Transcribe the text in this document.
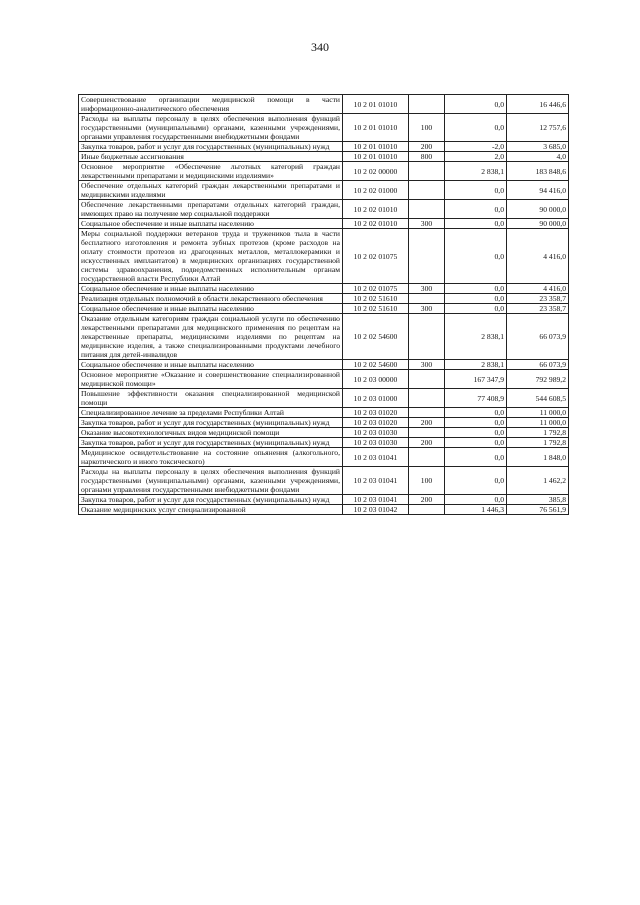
340
Совершенствование организации медицинской помощи в части информационно-аналитического обеспечения	10 2 01 01010		0,0	16 446,6
Расходы на выплаты персоналу в целях обеспечения выполнения функций государственными (муниципальными) органами, казенными учреждениями, органами управления государственными внебюджетными фондами	10 2 01 01010	100	0,0	12 757,6
Закупка товаров, работ и услуг для государственных (муниципальных) нужд	10 2 01 01010	200	-2,0	3 685,0
Иные бюджетные ассигнования	10 2 01 01010	800	2,0	4,0
Основное мероприятие «Обеспечение льготных категорий граждан лекарственными препаратами и медицинскими изделиями»	10 2 02 00000		2 838,1	183 848,6
Обеспечение отдельных категорий граждан лекарственными препаратами и медицинскими изделиями	10 2 02 01000		0,0	94 416,0
Обеспечение лекарственными препаратами отдельных категорий граждан, имеющих право на получение мер социальной поддержки	10 2 02 01010		0,0	90 000,0
Социальное обеспечение и иные выплаты населению	10 2 02 01010	300	0,0	90 000,0
Меры социальной поддержки ветеранов труда и тружеников тыла в части бесплатного изготовления и ремонта зубных протезов (кроме расходов на оплату стоимости протезов из драгоценных металлов, металлокерамики и искусственных имплантатов) в медицинских организациях государственной системы здравоохранения, подведомственных исполнительным органам государственной власти Республики Алтай	10 2 02 01075		0,0	4 416,0
Социальное обеспечение и иные выплаты населению	10 2 02 01075	300	0,0	4 416,0
Реализация отдельных полномочий в области лекарственного обеспечения	10 2 02 51610		0,0	23 358,7
Социальное обеспечение и иные выплаты населению	10 2 02 51610	300	0,0	23 358,7
Оказание отдельным категориям граждан социальной услуги по обеспечению лекарственными препаратами для медицинского применения по рецептам на лекарственные препараты, медицинскими изделиями по рецептам на медицинские изделия, а также специализированными продуктами лечебного питания для детей-инвалидов	10 2 02 54600		2 838,1	66 073,9
Социальное обеспечение и иные выплаты населению	10 2 02 54600	300	2 838,1	66 073,9
Основное мероприятие «Оказание и совершенствование специализированной медицинской помощи»	10 2 03 00000		167 347,9	792 989,2
Повышение эффективности оказания специализированной медицинской помощи	10 2 03 01000		77 408,9	544 608,5
Специализированное лечение за пределами Республики Алтай	10 2 03 01020		0,0	11 000,0
Закупка товаров, работ и услуг для государственных (муниципальных) нужд	10 2 03 01020	200	0,0	11 000,0
Оказание высокотехнологичных видов медицинской помощи	10 2 03 01030		0,0	1 792,8
Закупка товаров, работ и услуг для государственных (муниципальных) нужд	10 2 03 01030	200	0,0	1 792,8
Медицинское освидетельствование на состояние опьянения (алкогольного, наркотического и иного токсического)	10 2 03 01041		0,0	1 848,0
Расходы на выплаты персоналу в целях обеспечения выполнения функций государственными (муниципальными) органами, казенными учреждениями, органами управления государственными внебюджетными фондами	10 2 03 01041	100	0,0	1 462,2
Закупка товаров, работ и услуг для государственных (муниципальных) нужд	10 2 03 01041	200	0,0	385,8
Оказание медицинских услуг специализированной	10 2 03 01042		1 446,3	76 561,9
